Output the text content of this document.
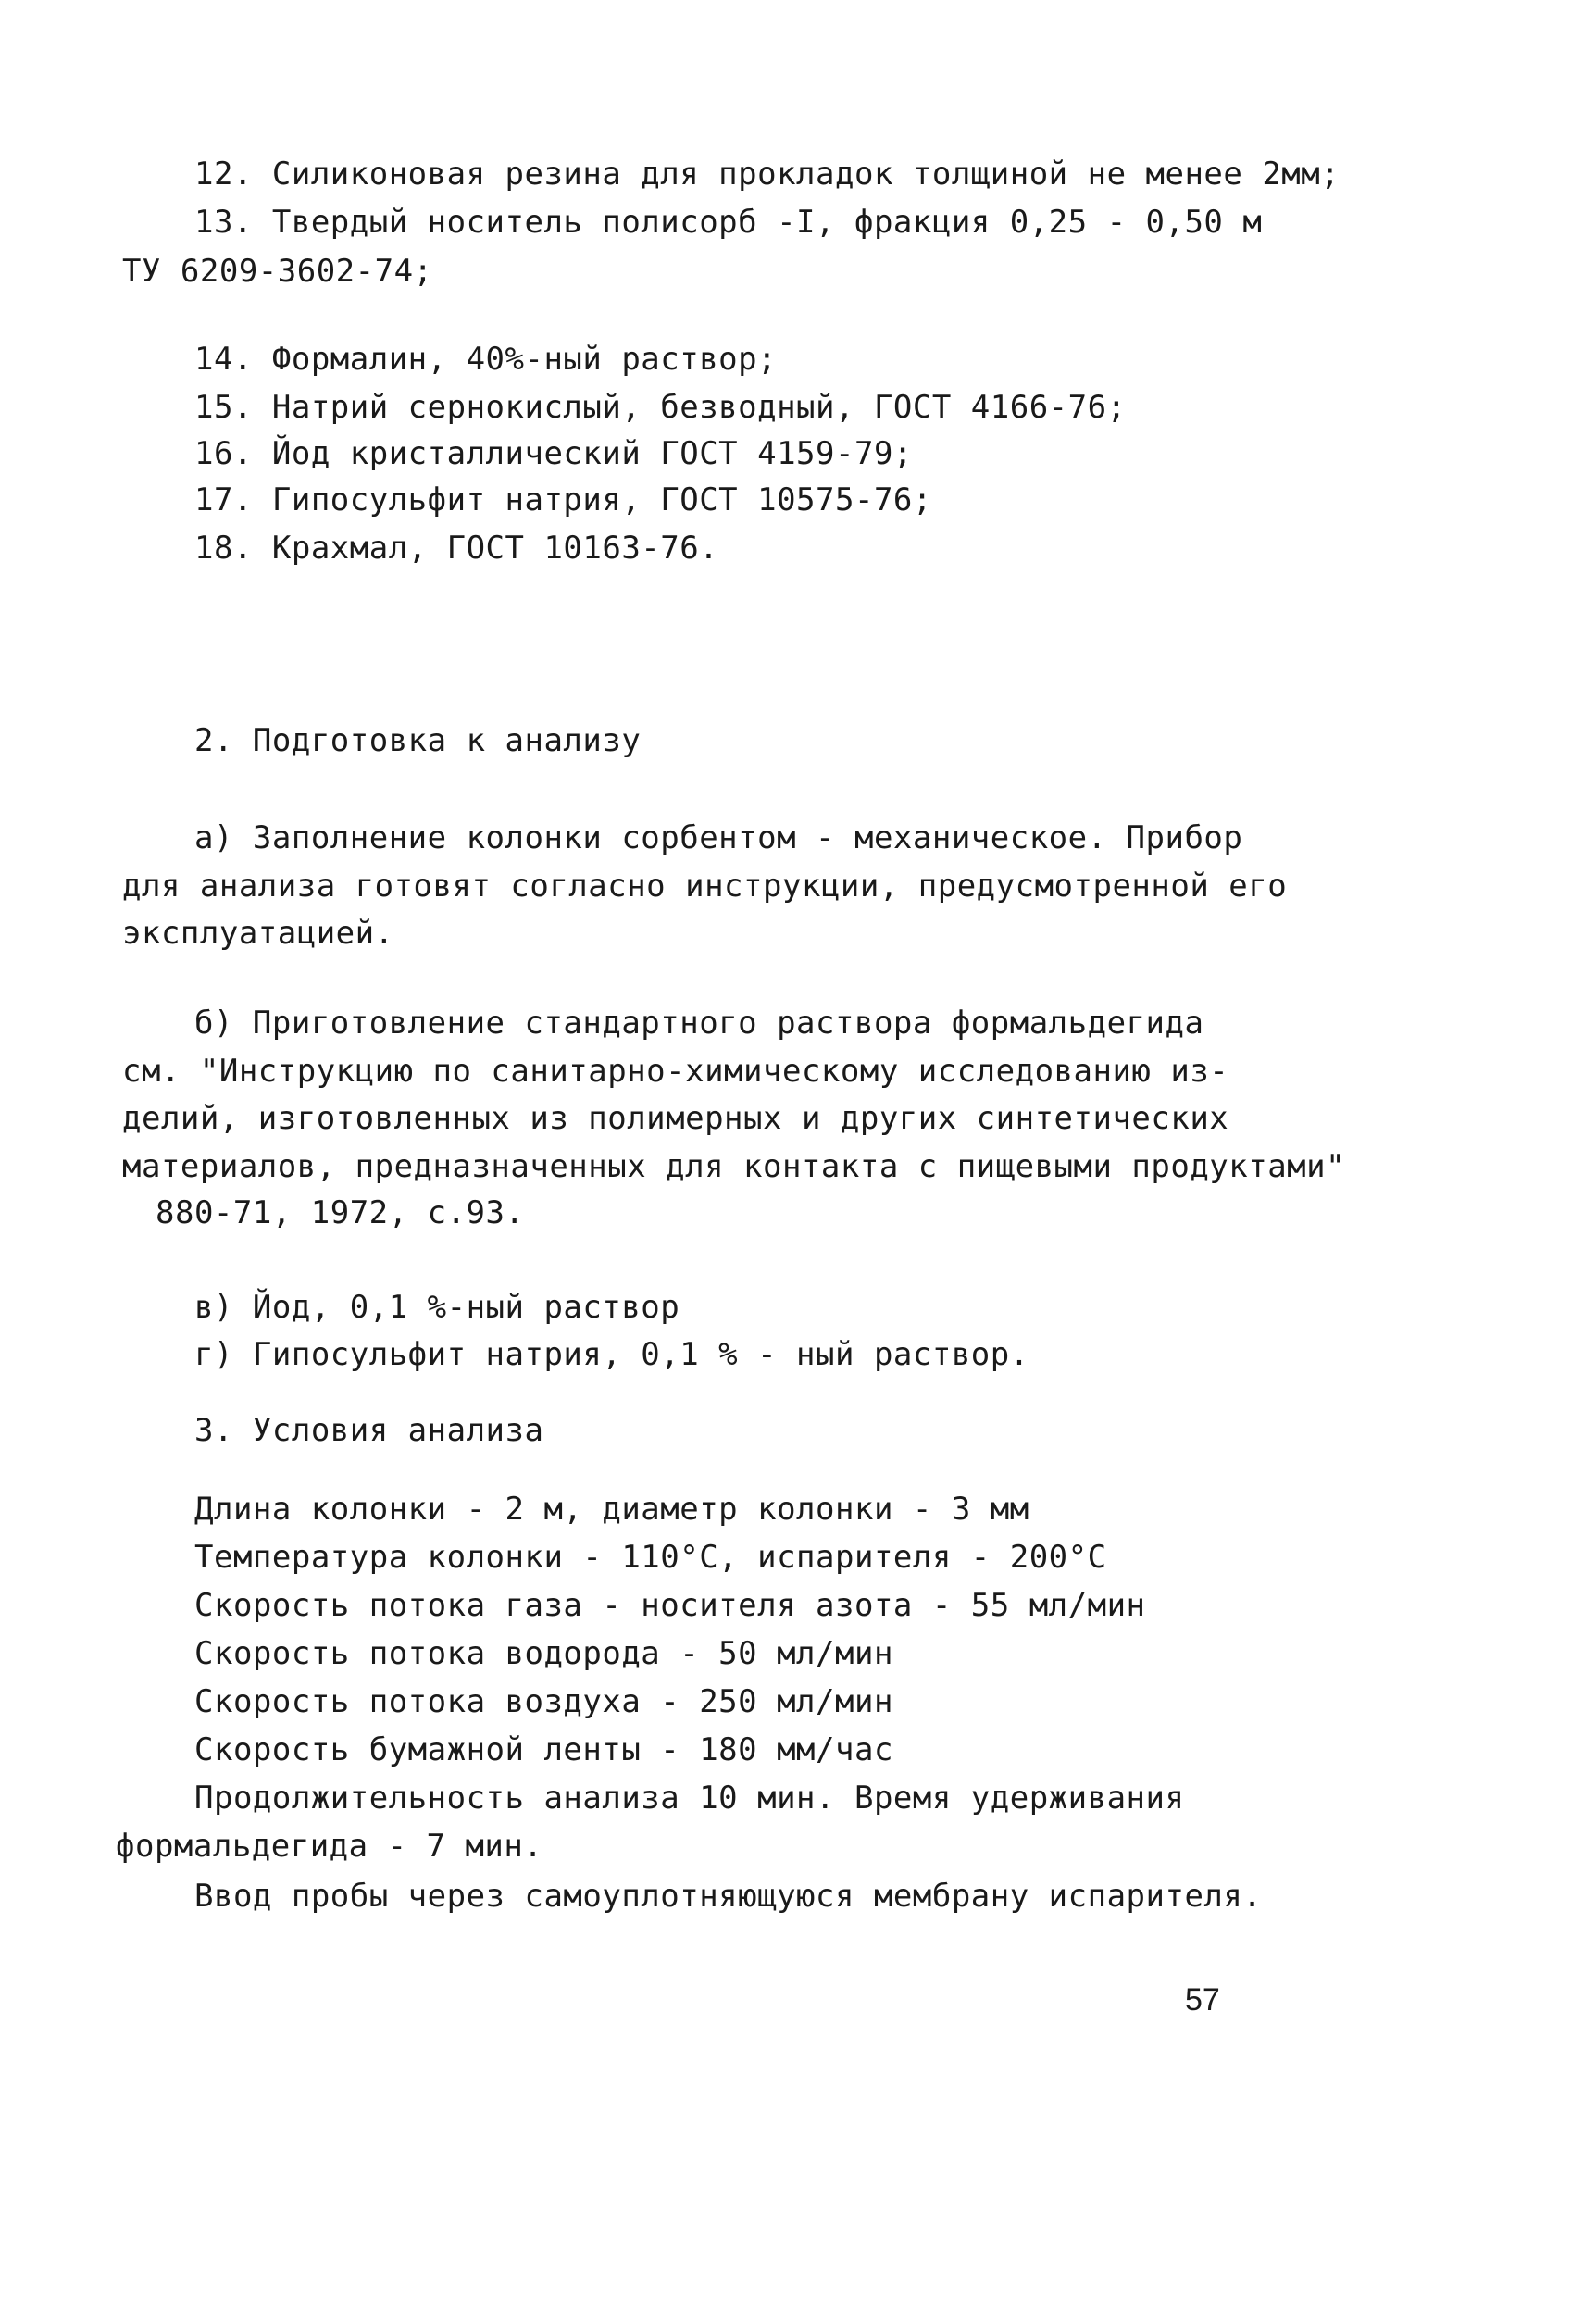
12. Силиконовая резина для прокладок толщиной не менее 2мм;
13. Твердый носитель полисорб -I, фракция 0,25 - 0,50 м
ТУ 6209-3602-74;
14. Формалин, 40%-ный раствор;
15. Натрий сернокислый, безводный, ГОСТ 4166-76;
16. Йод кристаллический ГОСТ 4159-79;
17. Гипосульфит натрия, ГОСТ 10575-76;
18. Крахмал, ГОСТ 10163-76.
2. Подготовка к анализу
а) Заполнение колонки сорбентом - механическое. Прибор
для анализа готовят согласно инструкции, предусмотренной его
эксплуатацией.
б) Приготовление стандартного раствора формальдегида
см. "Инструкцию по санитарно-химическому исследованию из-
делий, изготовленных из полимерных и других синтетических
материалов, предназначенных для контакта с пищевыми продуктами"
880-71, 1972, с.93.
в) Йод, 0,1 %-ный раствор
г) Гипосульфит натрия, 0,1 % - ный раствор.
3. Условия анализа
Длина колонки - 2 м, диаметр колонки - 3 мм
Температура колонки - 110°С, испарителя - 200°С
Скорость потока газа - носителя азота - 55 мл/мин
Скорость потока водорода - 50 мл/мин
Скорость потока воздуха - 250 мл/мин
Скорость бумажной ленты - 180 мм/час
Продолжительность анализа 10 мин. Время удерживания
формальдегида - 7 мин.
Ввод пробы через самоуплотняющуюся мембрану испарителя.
57
